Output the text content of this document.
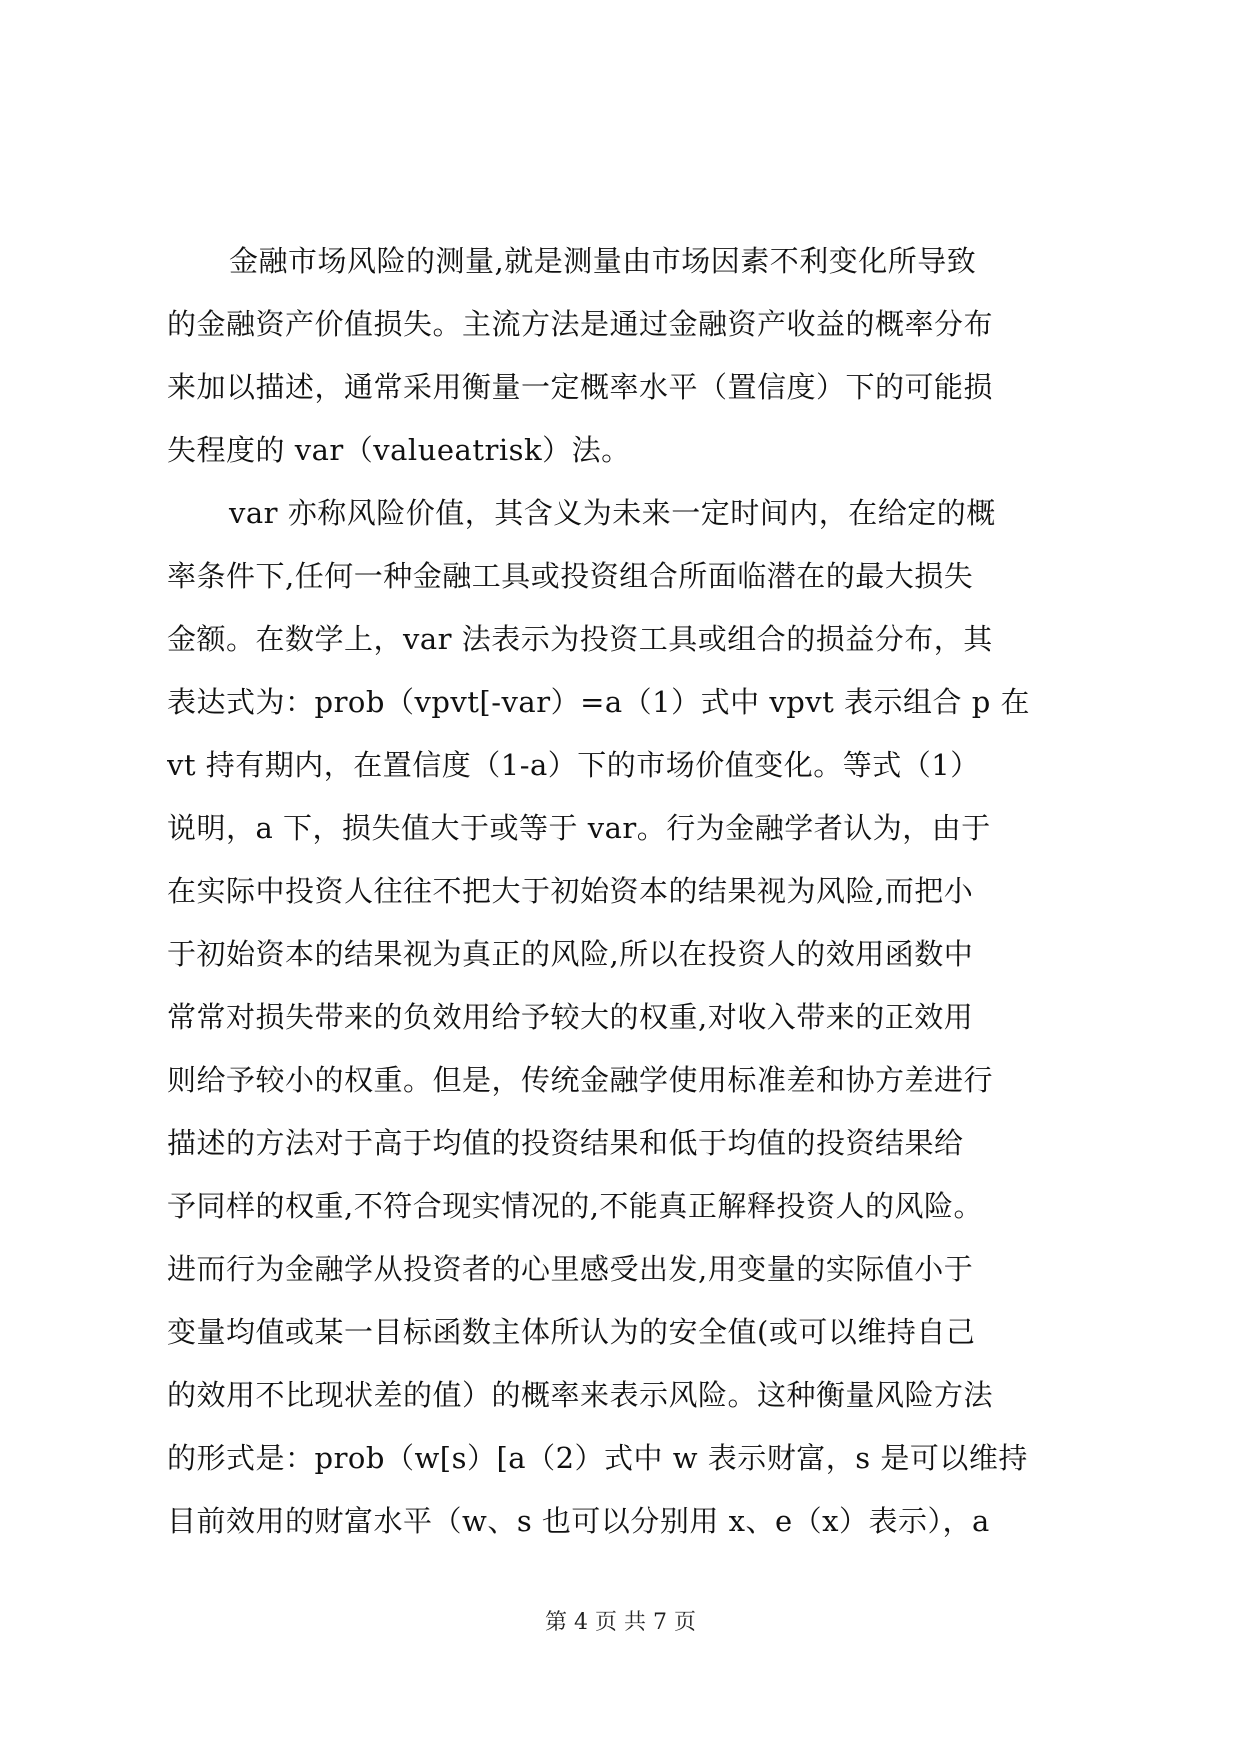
金融市场风险的测量,就是测量由市场因素不利变化所导致
的金融资产价值损失。主流方法是通过金融资产收益的概率分布
来加以描述，通常采用衡量一定概率水平（置信度）下的可能损
失程度的 var（valueatrisk）法。
var 亦称风险价值，其含义为未来一定时间内，在给定的概
率条件下,任何一种金融工具或投资组合所面临潜在的最大损失
金额。在数学上，var 法表示为投资工具或组合的损益分布，其
表达式为：prob（vpvt[-var）=a（1）式中 vpvt 表示组合 p 在
vt 持有期内，在置信度（1-a）下的市场价值变化。等式（1）
说明，a 下，损失值大于或等于 var。行为金融学者认为，由于
在实际中投资人往往不把大于初始资本的结果视为风险,而把小
于初始资本的结果视为真正的风险,所以在投资人的效用函数中
常常对损失带来的负效用给予较大的权重,对收入带来的正效用
则给予较小的权重。但是，传统金融学使用标准差和协方差进行
描述的方法对于高于均值的投资结果和低于均值的投资结果给
予同样的权重,不符合现实情况的,不能真正解释投资人的风险。
进而行为金融学从投资者的心里感受出发,用变量的实际值小于
变量均值或某一目标函数主体所认为的安全值(或可以维持自己
的效用不比现状差的值）的概率来表示风险。这种衡量风险方法
的形式是：prob（w[s）[a（2）式中 w 表示财富，s 是可以维持
目前效用的财富水平（w、s 也可以分别用 x、e（x）表示），a
第 4 页 共 7 页
